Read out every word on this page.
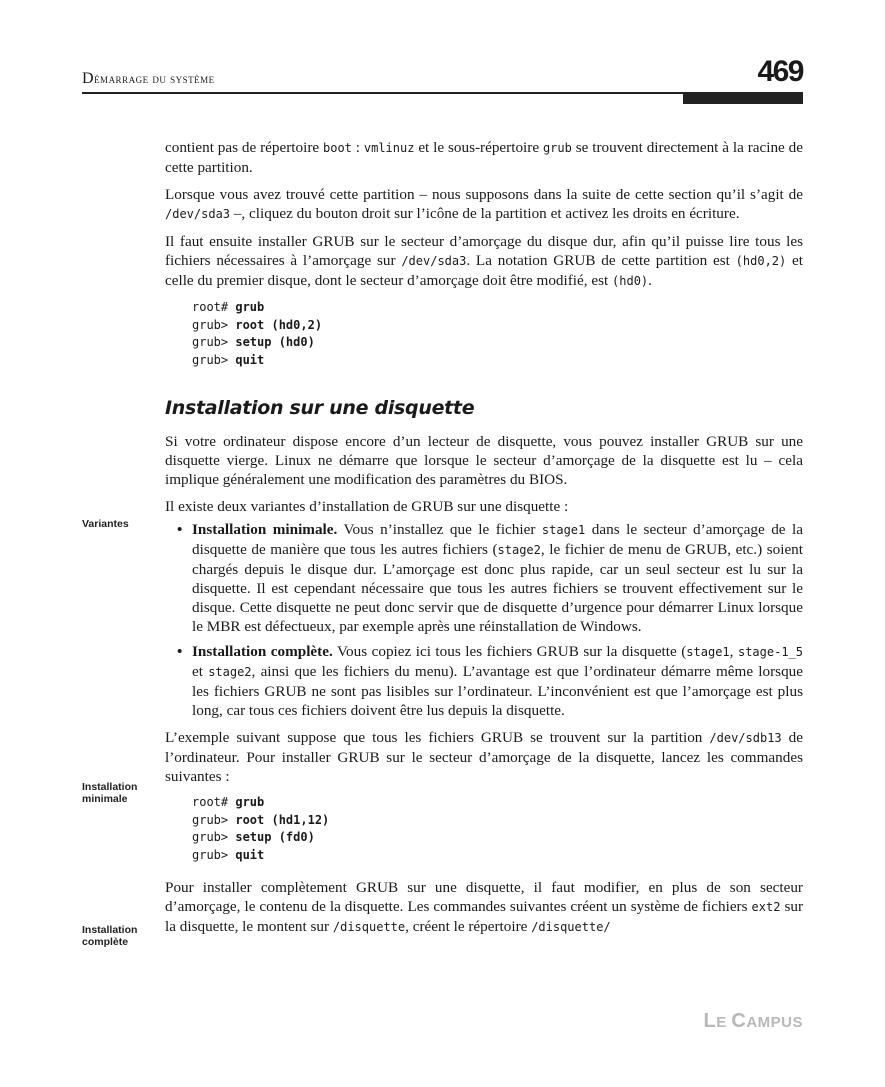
Démarrage du système	469
Variantes
Installation
minimale
Installation
complète

contient pas de répertoire boot : vmlinuz et le sous-répertoire grub se trouvent directement à la racine de cette partition.

Lorsque vous avez trouvé cette partition – nous supposons dans la suite de cette section qu’il s’agit de /dev/sda3 –, cliquez du bouton droit sur l’icône de la partition et activez les droits en écriture.

Il faut ensuite installer GRUB sur le secteur d’amorçage du disque dur, afin qu’il puisse lire tous les fichiers nécessaires à l’amorçage sur /dev/sda3. La notation GRUB de cette partition est (hd0,2) et celle du premier disque, dont le secteur d’amorçage doit être modifié, est (hd0).

root# grub
grub> root (hd0,2)
grub> setup (hd0)
grub> quit
Installation sur une disquette

Si votre ordinateur dispose encore d’un lecteur de disquette, vous pouvez installer GRUB sur une disquette vierge. Linux ne démarre que lorsque le secteur d’amorçage de la disquette est lu – cela implique généralement une modification des paramètres du BIOS.

Il existe deux variantes d’installation de GRUB sur une disquette :

• Installation minimale. Vous n’installez que le fichier stage1 dans le secteur d’amorçage de la disquette de manière que tous les autres fichiers (stage2, le fichier de menu de GRUB, etc.) soient chargés depuis le disque dur. L’amorçage est donc plus rapide, car un seul secteur est lu sur la disquette. Il est cependant nécessaire que tous les autres fichiers se trouvent effectivement sur le disque. Cette disquette ne peut donc servir que de disquette d’urgence pour démarrer Linux lorsque le MBR est défectueux, par exemple après une réinstallation de Windows.
• Installation complète. Vous copiez ici tous les fichiers GRUB sur la disquette (stage1, stage-1_5 et stage2, ainsi que les fichiers du menu). L’avantage est que l’ordinateur démarre même lorsque les fichiers GRUB ne sont pas lisibles sur l’ordinateur. L’inconvénient est que l’amorçage est plus long, car tous ces fichiers doivent être lus depuis la disquette.

L’exemple suivant suppose que tous les fichiers GRUB se trouvent sur la partition /dev/sdb13 de l’ordinateur. Pour installer GRUB sur le secteur d’amorçage de la disquette, lancez les commandes suivantes :

root# grub
grub> root (hd1,12)
grub> setup (fd0)
grub> quit

Pour installer complètement GRUB sur une disquette, il faut modifier, en plus de son secteur d’amorçage, le contenu de la disquette. Les commandes suivantes créent un système de fichiers ext2 sur la disquette, le montent sur /disquette, créent le répertoire /disquette/

LE CAMPUS
